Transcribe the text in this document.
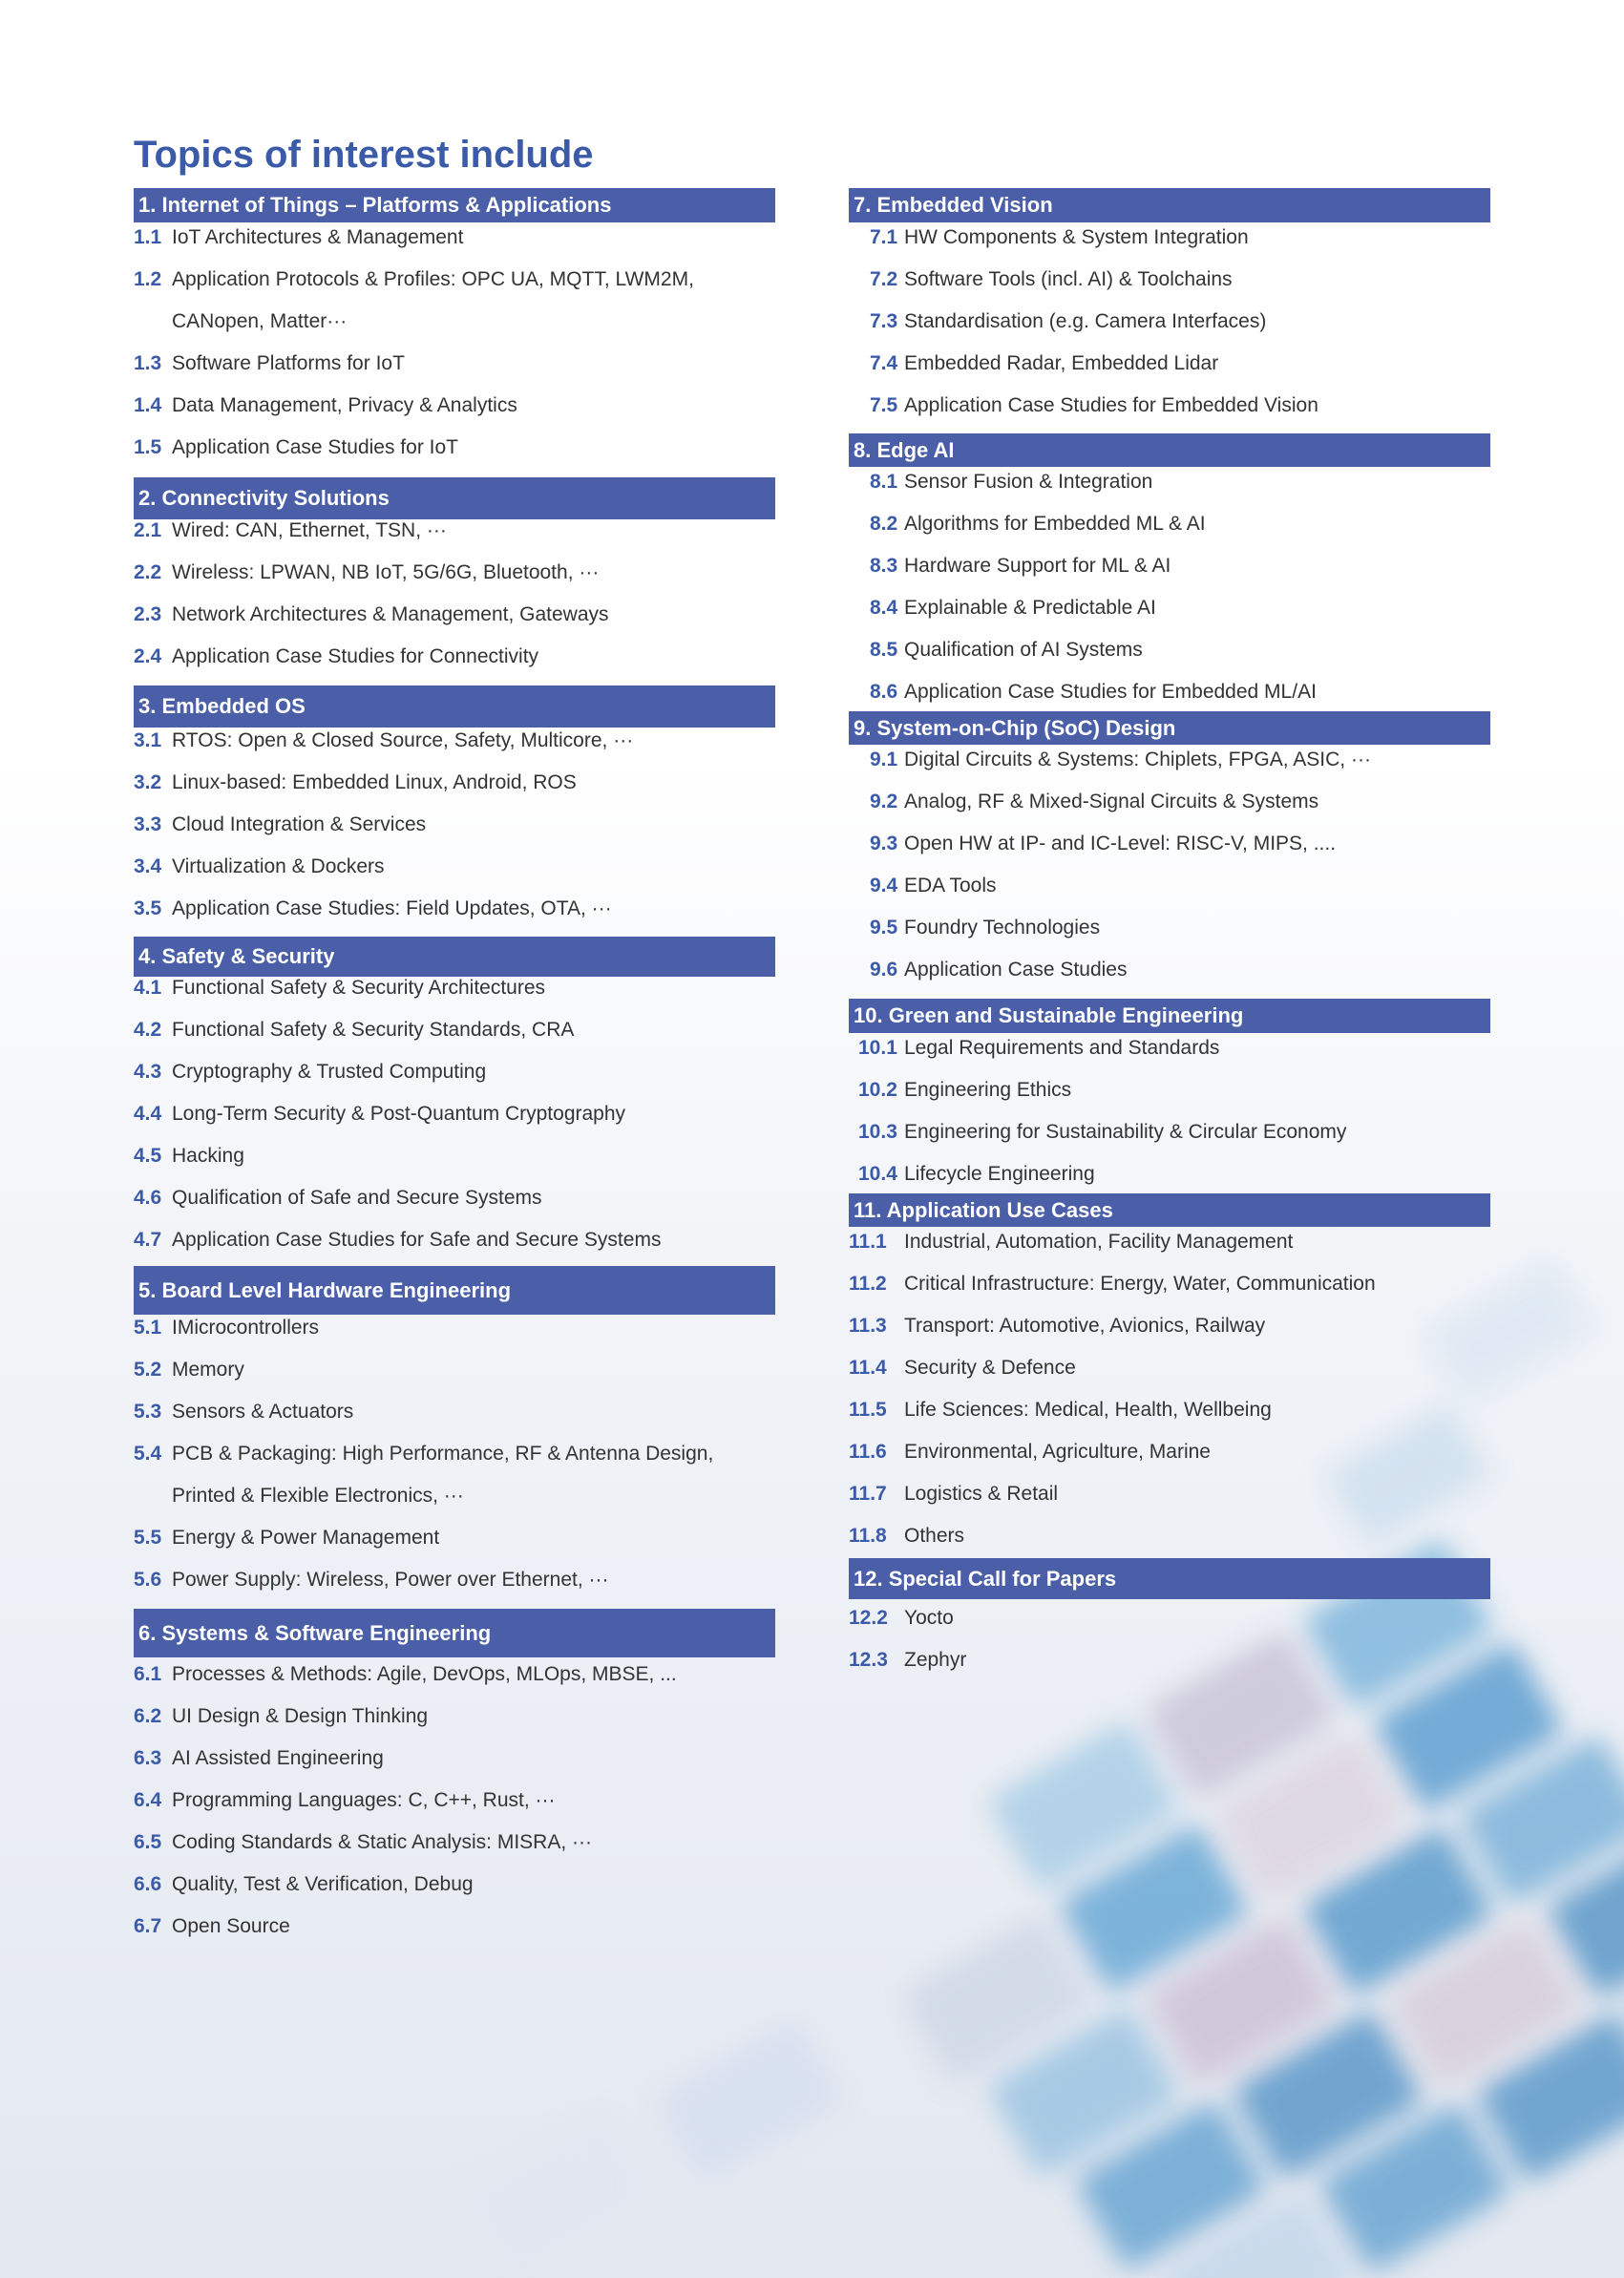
Topics of interest include
1. Internet of Things – Platforms & Applications
1.1 IoT Architectures & Management
1.2 Application Protocols & Profiles: OPC UA, MQTT, LWM2M,
CANopen, Matter···
1.3 Software Platforms for IoT
1.4 Data Management, Privacy & Analytics
1.5 Application Case Studies for IoT
2. Connectivity Solutions
2.1 Wired: CAN, Ethernet, TSN, ···
2.2 Wireless: LPWAN, NB IoT, 5G/6G, Bluetooth, ···
2.3 Network Architectures & Management, Gateways
2.4 Application Case Studies for Connectivity
3. Embedded OS
3.1 RTOS: Open & Closed Source, Safety, Multicore, ···
3.2 Linux-based: Embedded Linux, Android, ROS
3.3 Cloud Integration & Services
3.4 Virtualization & Dockers
3.5 Application Case Studies: Field Updates, OTA, ···
4. Safety & Security
4.1 Functional Safety & Security Architectures
4.2 Functional Safety & Security Standards, CRA
4.3 Cryptography & Trusted Computing
4.4 Long-Term Security & Post-Quantum Cryptography
4.5 Hacking
4.6 Qualification of Safe and Secure Systems
4.7 Application Case Studies for Safe and Secure Systems
5. Board Level Hardware Engineering
5.1 IMicrocontrollers
5.2 Memory
5.3 Sensors & Actuators
5.4 PCB & Packaging: High Performance, RF & Antenna Design,
Printed & Flexible Electronics, ···
5.5 Energy & Power Management
5.6 Power Supply: Wireless, Power over Ethernet, ···
6. Systems & Software Engineering
6.1 Processes & Methods: Agile, DevOps, MLOps, MBSE, ...
6.2 UI Design & Design Thinking
6.3 AI Assisted Engineering
6.4 Programming Languages: C, C++, Rust, ···
6.5 Coding Standards & Static Analysis: MISRA, ···
6.6 Quality, Test & Verification, Debug
6.7 Open Source
7. Embedded Vision
7.1 HW Components & System Integration
7.2 Software Tools (incl. AI) & Toolchains
7.3 Standardisation (e.g. Camera Interfaces)
7.4 Embedded Radar, Embedded Lidar
7.5 Application Case Studies for Embedded Vision
8. Edge AI
8.1 Sensor Fusion & Integration
8.2 Algorithms for Embedded ML & AI
8.3 Hardware Support for ML & AI
8.4 Explainable & Predictable AI
8.5 Qualification of AI Systems
8.6 Application Case Studies for Embedded ML/AI
9. System-on-Chip (SoC) Design
9.1 Digital Circuits & Systems: Chiplets, FPGA, ASIC, ···
9.2 Analog, RF & Mixed-Signal Circuits & Systems
9.3 Open HW at IP- and IC-Level: RISC-V, MIPS, ....
9.4 EDA Tools
9.5 Foundry Technologies
9.6 Application Case Studies
10. Green and Sustainable Engineering
10.1 Legal Requirements and Standards
10.2 Engineering Ethics
10.3 Engineering for Sustainability & Circular Economy
10.4 Lifecycle Engineering
11. Application Use Cases
11.1 Industrial, Automation, Facility Management
11.2 Critical Infrastructure: Energy, Water, Communication
11.3 Transport: Automotive, Avionics, Railway
11.4 Security & Defence
11.5 Life Sciences: Medical, Health, Wellbeing
11.6 Environmental, Agriculture, Marine
11.7 Logistics & Retail
11.8 Others
12. Special Call for Papers
12.2 Yocto
12.3 Zephyr
